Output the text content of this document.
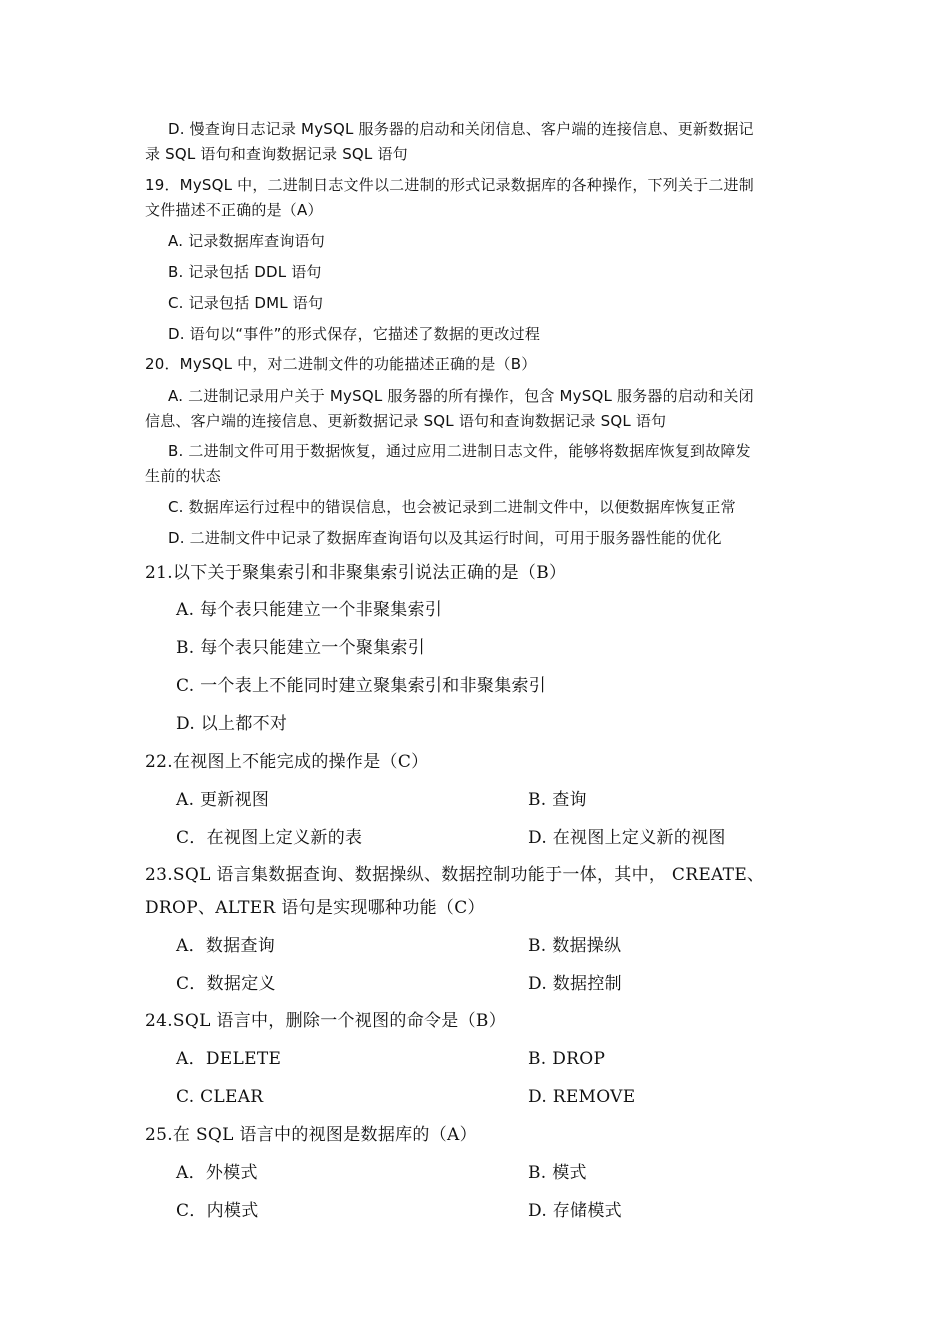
D. 慢查询日志记录 MySQL 服务器的启动和关闭信息、客户端的连接信息、更新数据记
录 SQL 语句和查询数据记录 SQL 语句
19．MySQL 中，二进制日志文件以二进制的形式记录数据库的各种操作，下列关于二进制
文件描述不正确的是（A）
A. 记录数据库查询语句
B. 记录包括 DDL 语句
C. 记录包括 DML 语句
D. 语句以“事件”的形式保存，它描述了数据的更改过程
20．MySQL 中，对二进制文件的功能描述正确的是（B）
A. 二进制记录用户关于 MySQL 服务器的所有操作，包含 MySQL 服务器的启动和关闭
信息、客户端的连接信息、更新数据记录 SQL 语句和查询数据记录 SQL 语句
B. 二进制文件可用于数据恢复，通过应用二进制日志文件，能够将数据库恢复到故障发
生前的状态
C. 数据库运行过程中的错误信息，也会被记录到二进制文件中，以便数据库恢复正常
D. 二进制文件中记录了数据库查询语句以及其运行时间，可用于服务器性能的优化
21.以下关于聚集索引和非聚集索引说法正确的是（B）
A. 每个表只能建立一个非聚集索引
B. 每个表只能建立一个聚集索引
C. 一个表上不能同时建立聚集索引和非聚集索引
D. 以上都不对
22.在视图上不能完成的操作是（C）
A. 更新视图	B. 查询
C．在视图上定义新的表	D. 在视图上定义新的视图
23.SQL 语言集数据查询、数据操纵、数据控制功能于一体，其中， CREATE、
DROP、ALTER 语句是实现哪种功能（C）
A．数据查询	B. 数据操纵
C．数据定义	D. 数据控制
24.SQL 语言中，删除一个视图的命令是（B）
A．DELETE	B. DROP
C. CLEAR	D. REMOVE
25.在 SQL 语言中的视图是数据库的（A）
A．外模式	B. 模式
C．内模式	D. 存储模式
